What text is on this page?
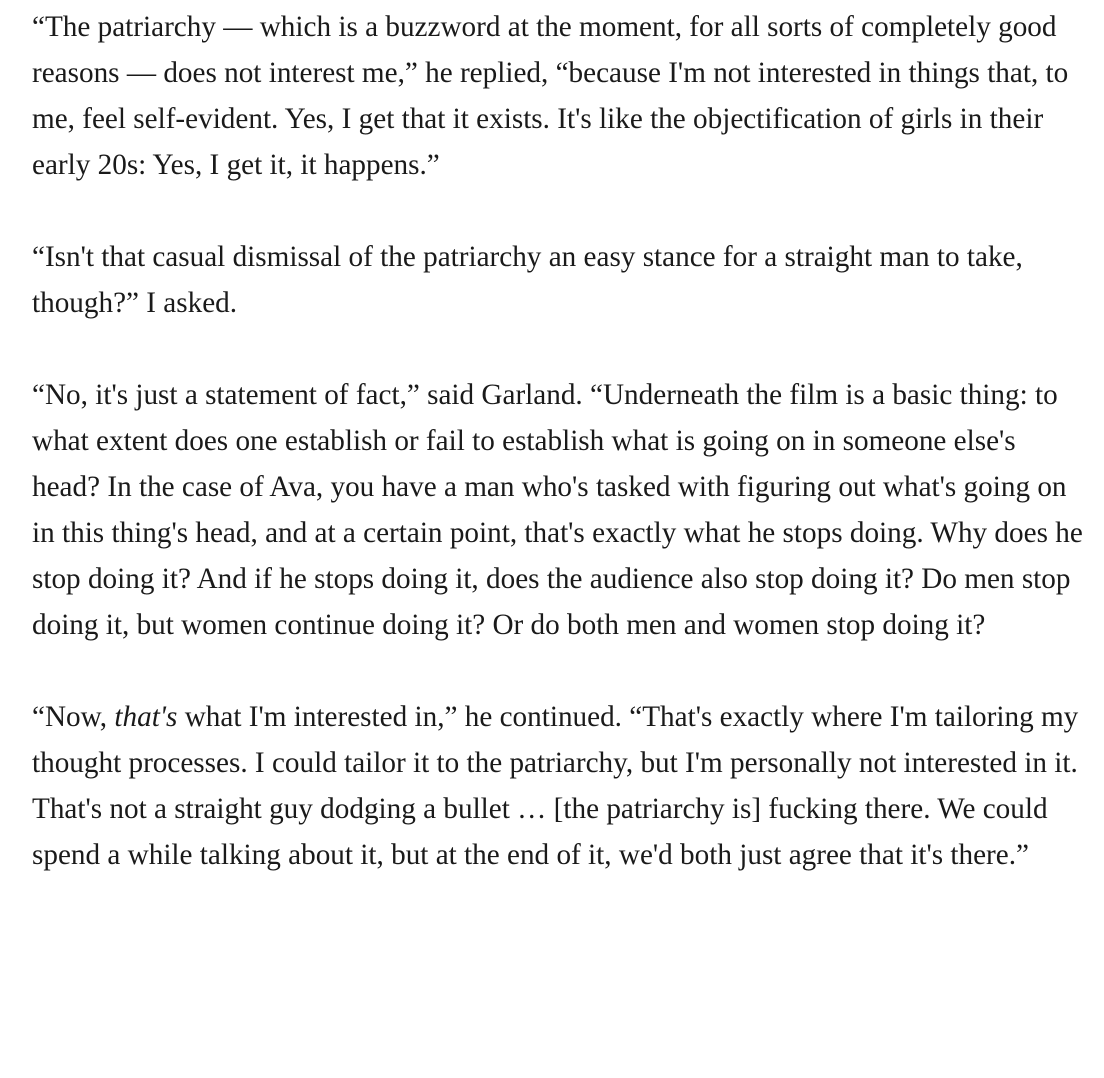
“The patriarchy — which is a buzzword at the moment, for all sorts of completely good reasons — does not interest me,” he replied, “because I'm not interested in things that, to me, feel self-evident. Yes, I get that it exists. It's like the objectification of girls in their early 20s: Yes, I get it, it happens.”

“Isn't that casual dismissal of the patriarchy an easy stance for a straight man to take, though?” I asked.

“No, it's just a statement of fact,” said Garland. “Underneath the film is a basic thing: to what extent does one establish or fail to establish what is going on in someone else's head? In the case of Ava, you have a man who's tasked with figuring out what's going on in this thing's head, and at a certain point, that's exactly what he stops doing. Why does he stop doing it? And if he stops doing it, does the audience also stop doing it? Do men stop doing it, but women continue doing it? Or do both men and women stop doing it?

“Now, that's what I'm interested in,” he continued. “That's exactly where I'm tailoring my thought processes. I could tailor it to the patriarchy, but I'm personally not interested in it. That's not a straight guy dodging a bullet … [the patriarchy is] fucking there. We could spend a while talking about it, but at the end of it, we'd both just agree that it's there.”
